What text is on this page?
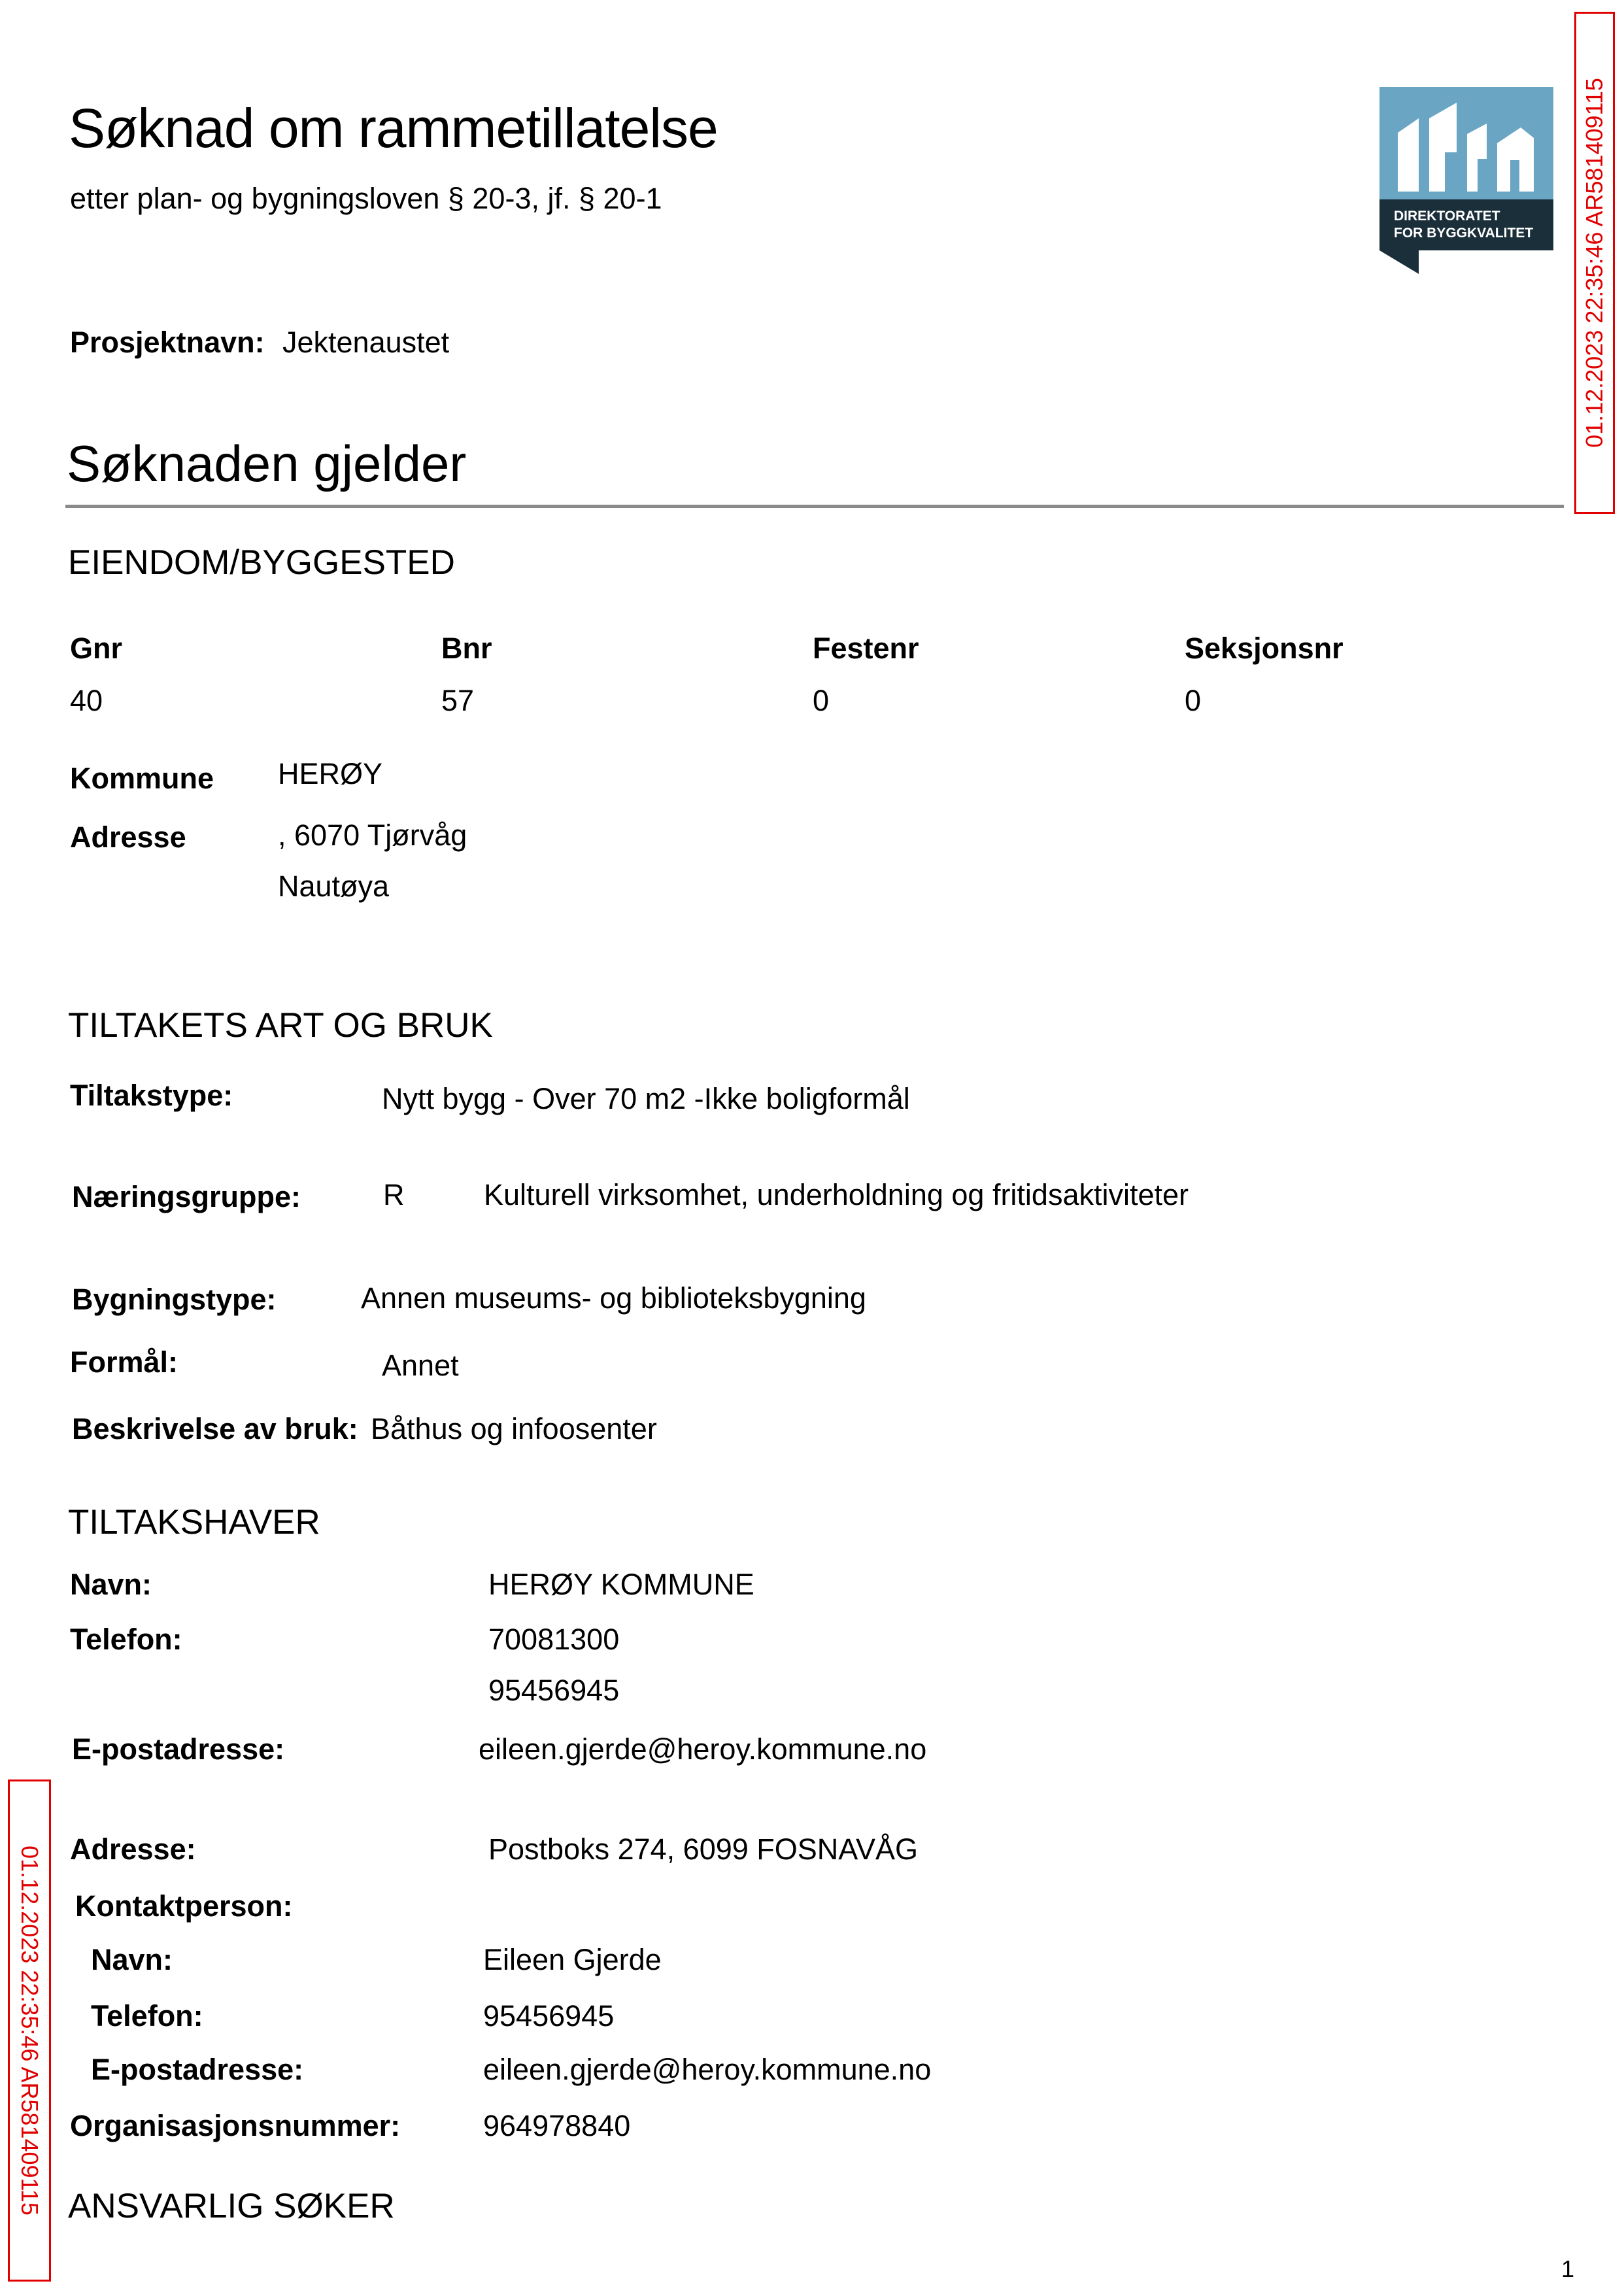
Søknad om rammetillatelse
etter plan- og bygningsloven § 20-3, jf. § 20-1
DIREKTORATET
FOR BYGGKVALITET
Prosjektnavn: Jektenaustet
Søknaden gjelder
EIENDOM/BYGGESTED
Gnr	Bnr	Festenr	Seksjonsnr
40	57	0	0
Kommune HERØY
Adresse	, 6070 Tjørvåg
Nautøya
TILTAKETS ART OG BRUK
Tiltakstype:	Nytt bygg - Over 70 m2 -Ikke boligformål
Næringsgruppe:	R	Kulturell virksomhet, underholdning og fritidsaktiviteter
Bygningstype:	Annen museums- og biblioteksbygning
Formål:	Annet
Beskrivelse av bruk: Båthus og infoosenter
TILTAKSHAVER
Navn:	HERØY KOMMUNE
Telefon:	70081300
95456945
E-postadresse:	eileen.gjerde@heroy.kommune.no
Adresse:	Postboks 274, 6099 FOSNAVÅG
Kontaktperson:
Navn:	Eileen Gjerde
Telefon:	95456945
E-postadresse:	eileen.gjerde@heroy.kommune.no
Organisasjonsnummer:	964978840
ANSVARLIG SØKER
01.12.2023 22:35:46 AR581409115
01.12.2023 22:35:46 AR581409115
1
